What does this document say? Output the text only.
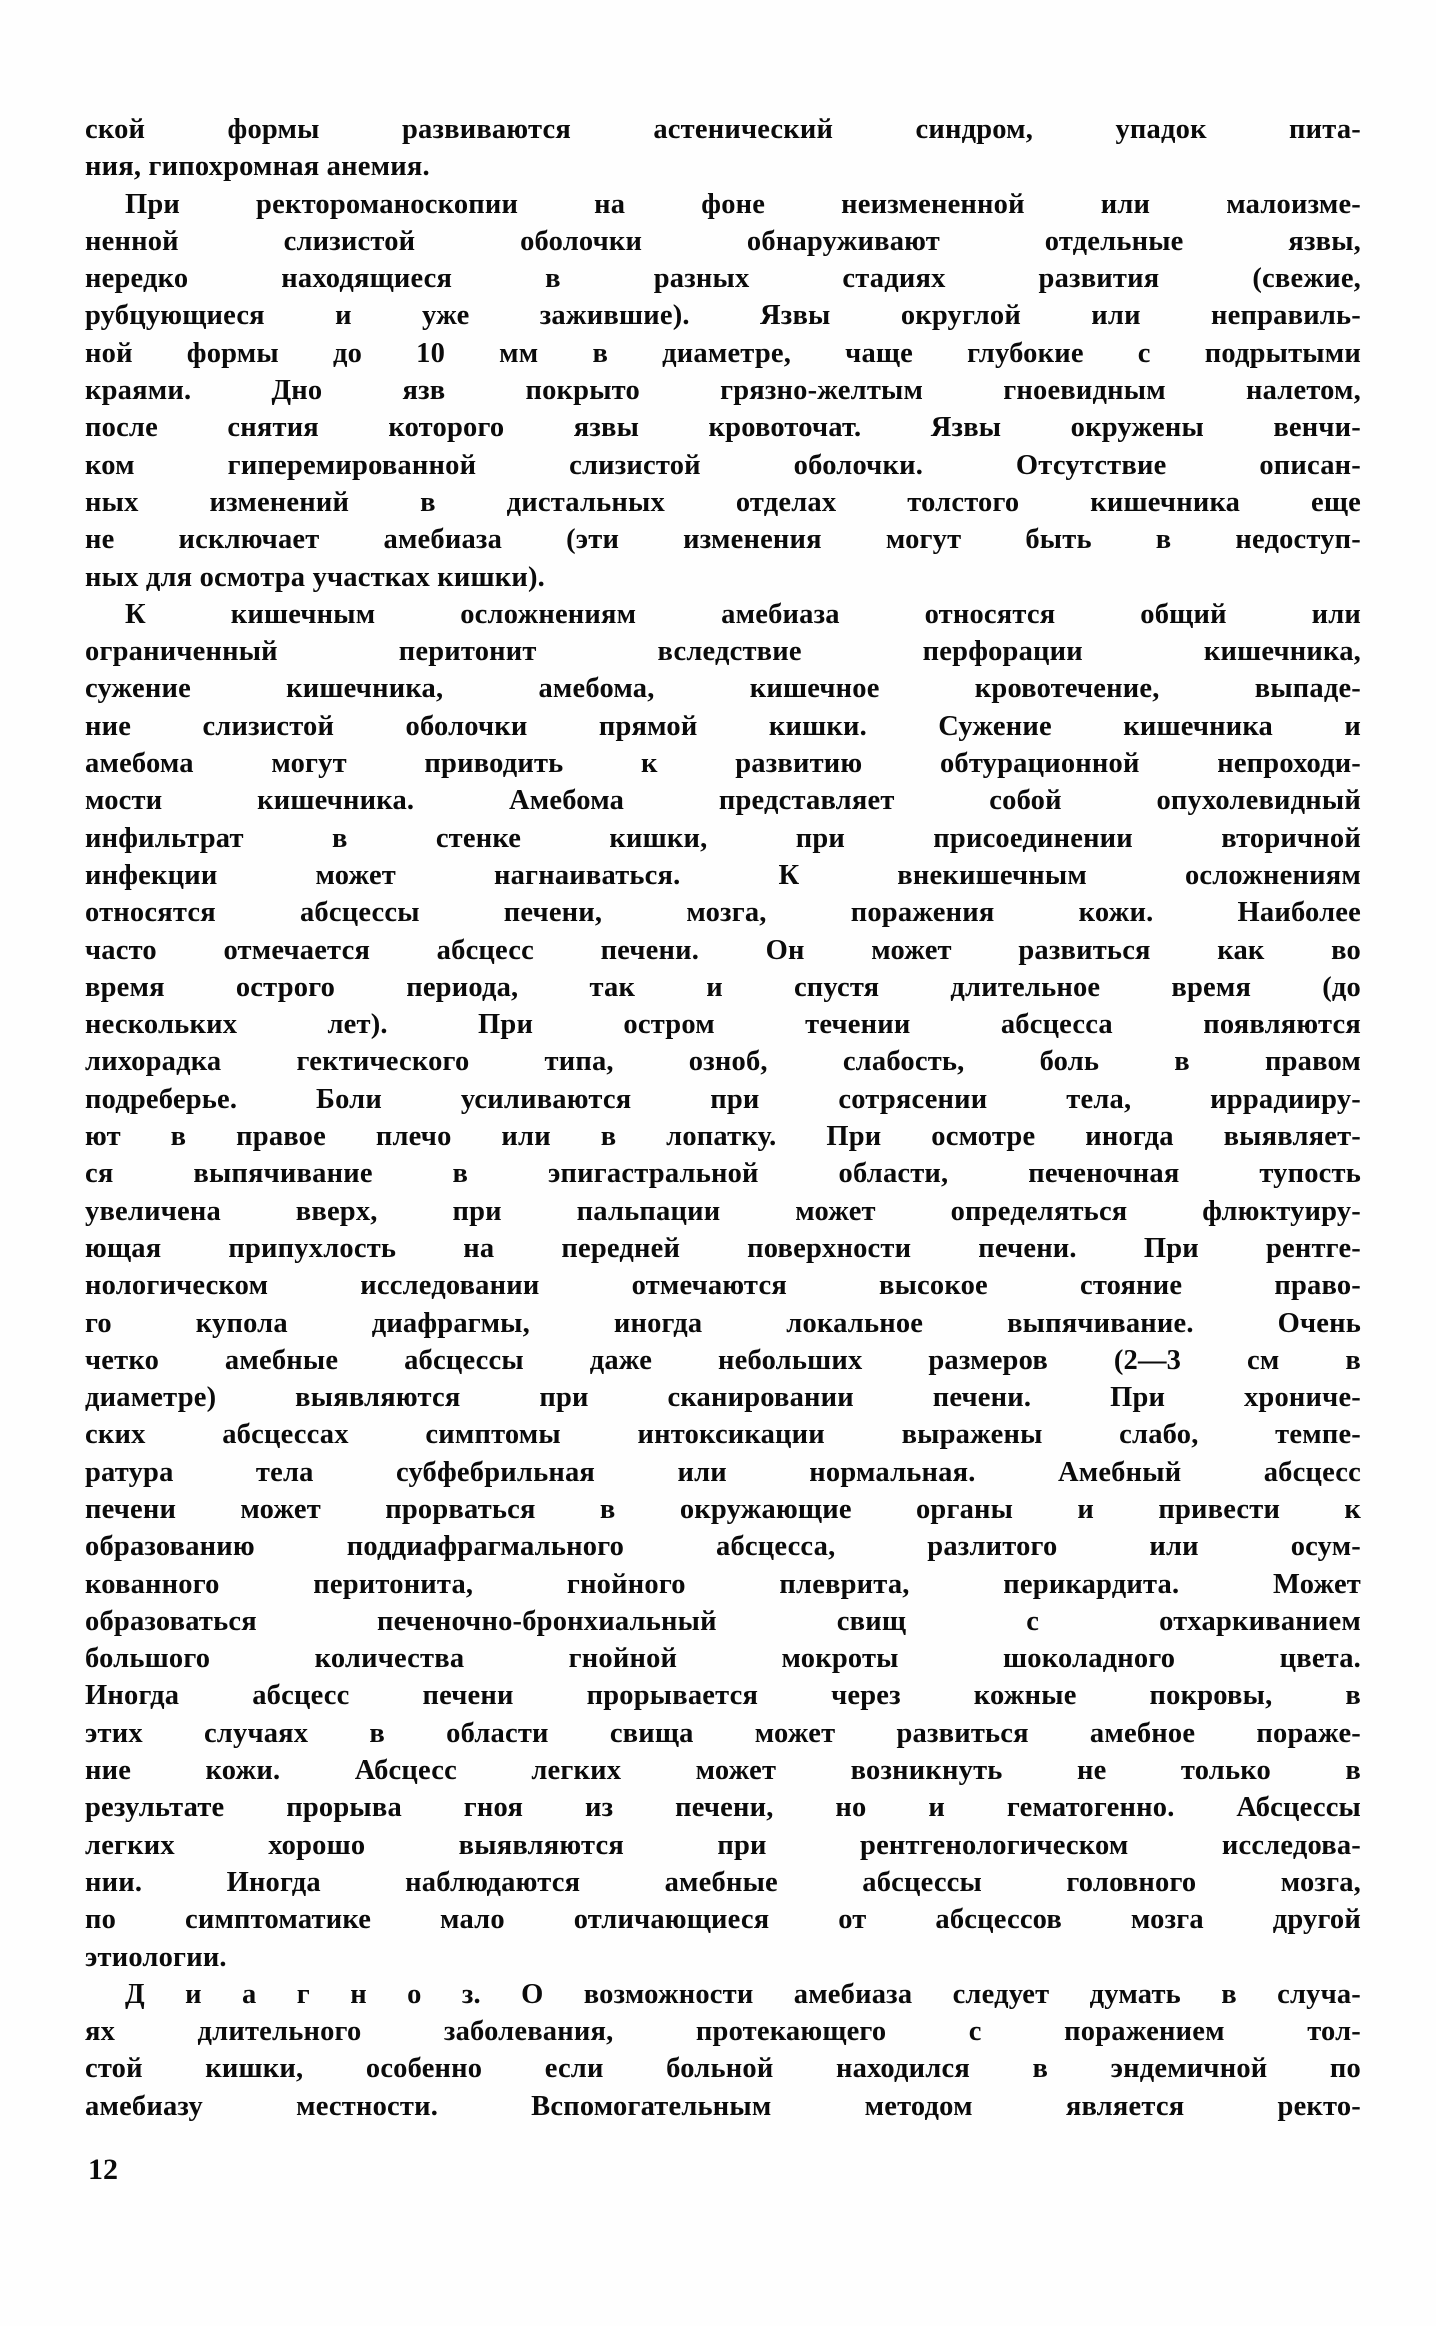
ской формы развиваются астенический синдром, упадок пита-
ния, гипохромная анемия.
При ректороманоскопии на фоне неизмененной или малоизме-
ненной слизистой оболочки обнаруживают отдельные язвы,
нередко находящиеся в разных стадиях развития (свежие,
рубцующиеся и уже зажившие). Язвы округлой или неправиль-
ной формы до 10 мм в диаметре, чаще глубокие с подрытыми
краями. Дно язв покрыто грязно-желтым гноевидным налетом,
после снятия которого язвы кровоточат. Язвы окружены венчи-
ком гиперемированной слизистой оболочки. Отсутствие описан-
ных изменений в дистальных отделах толстого кишечника еще
не исключает амебиаза (эти изменения могут быть в недоступ-
ных для осмотра участках кишки).
К кишечным осложнениям амебиаза относятся общий или
ограниченный перитонит вследствие перфорации кишечника,
сужение кишечника, амебома, кишечное кровотечение, выпаде-
ние слизистой оболочки прямой кишки. Сужение кишечника и
амебома могут приводить к развитию обтурационной непроходи-
мости кишечника. Амебома представляет собой опухолевидный
инфильтрат в стенке кишки, при присоединении вторичной
инфекции может нагнаиваться. К внекишечным осложнениям
относятся абсцессы печени, мозга, поражения кожи. Наиболее
часто отмечается абсцесс печени. Он может развиться как во
время острого периода, так и спустя длительное время (до
нескольких лет). При остром течении абсцесса появляются
лихорадка гектического типа, озноб, слабость, боль в правом
подреберье. Боли усиливаются при сотрясении тела, иррадииру-
ют в правое плечо или в лопатку. При осмотре иногда выявляет-
ся выпячивание в эпигастральной области, печеночная тупость
увеличена вверх, при пальпации может определяться флюктуиру-
ющая припухлость на передней поверхности печени. При рентге-
нологическом исследовании отмечаются высокое стояние право-
го купола диафрагмы, иногда локальное выпячивание. Очень
четко амебные абсцессы даже небольших размеров (2—3 см в
диаметре) выявляются при сканировании печени. При хрониче-
ских абсцессах симптомы интоксикации выражены слабо, темпе-
ратура тела субфебрильная или нормальная. Амебный абсцесс
печени может прорваться в окружающие органы и привести к
образованию поддиафрагмального абсцесса, разлитого или осум-
кованного перитонита, гнойного плеврита, перикардита. Может
образоваться печеночно-бронхиальный свищ с отхаркиванием
большого количества гнойной мокроты шоколадного цвета.
Иногда абсцесс печени прорывается через кожные покровы, в
этих случаях в области свища может развиться амебное пораже-
ние кожи. Абсцесс легких может возникнуть не только в
результате прорыва гноя из печени, но и гематогенно. Абсцессы
легких хорошо выявляются при рентгенологическом исследова-
нии. Иногда наблюдаются амебные абсцессы головного мозга,
по симптоматике мало отличающиеся от абсцессов мозга другой
этиологии.
Д и а г н о з. О возможности амебиаза следует думать в случа-
ях длительного заболевания, протекающего с поражением тол-
стой кишки, особенно если больной находился в эндемичной по
амебиазу местности. Вспомогательным методом является ректо-
12
